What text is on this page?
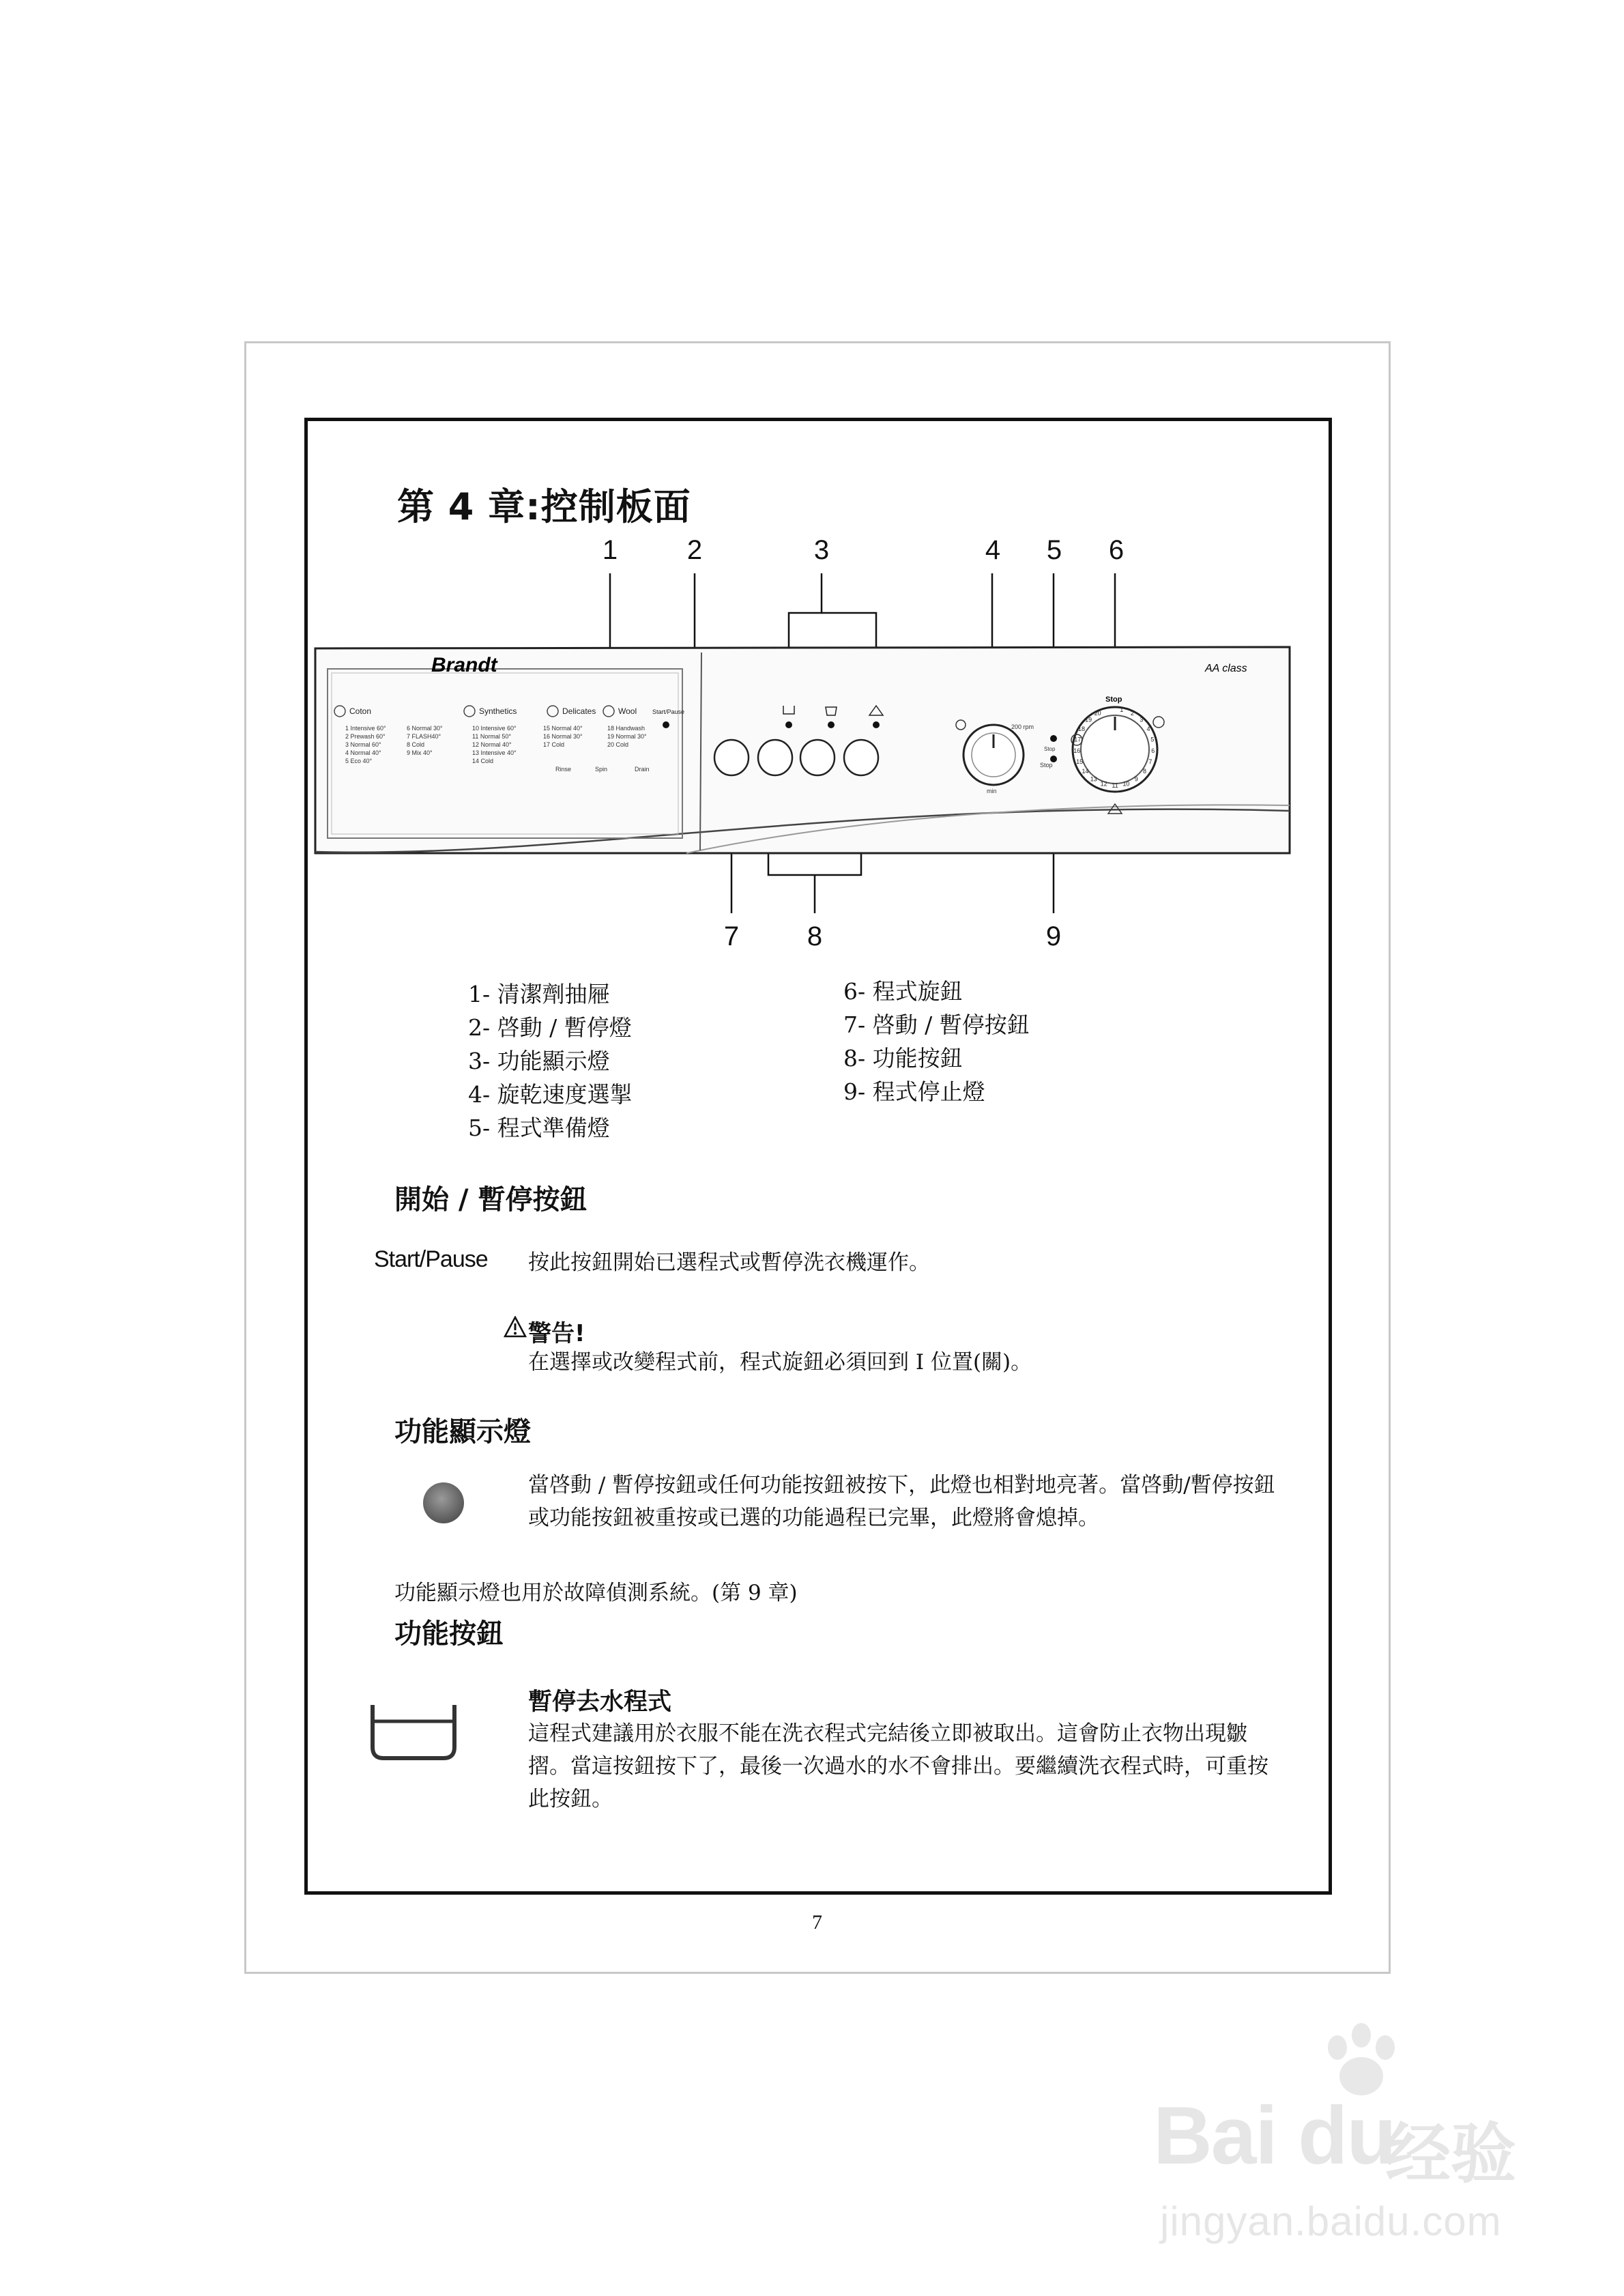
第 4 章:控制板面
1	2	3	4 5 6
Brandt	AA class
Coton	Synthetics	Delicates	Wool
1 Intensive 60°
2 Prewash 60°
3 Normal 60°
4 Normal 40°
5 Eco 40°
6 Normal 30°
7 FLASH40°
8 Cold
9 Mix 40°
10 Intensive 60°
11 Normal 50°
12 Normal 40°
13 Intensive 40°
14 Cold
15 Normal 40°
16 Normal 30°
17 Cold
18 Handwash
19 Normal 30°
20 Cold
Rinse	Spin	Drain
Start/Pause
200 rpm
Stop
min
Stop
Stop
1
2
3
4
5
6
7
8
9
10
11
12
13
14
15
16
17
18
19
20
7 8	9
1- 清潔劑抽屜
2- 啓動 / 暫停燈
3- 功能顯示燈
4- 旋乾速度選掣
5- 程式準備燈
6- 程式旋鈕
7- 啓動 / 暫停按鈕
8- 功能按鈕
9- 程式停止燈
開始 / 暫停按鈕
Start/Pause 按此按鈕開始已選程式或暫停洗衣機運作。
警告!
在選擇或改變程式前，程式旋鈕必須回到 I 位置(關)。
功能顯示燈
當啓動 / 暫停按鈕或任何功能按鈕被按下，此燈也相對地亮著。當啓動/暫停按鈕或功能按鈕被重按或已選的功能過程已完畢，此燈將會熄掉。
功能顯示燈也用於故障偵測系統。(第 9 章)
功能按鈕
暫停去水程式
這程式建議用於衣服不能在洗衣程式完結後立即被取出。這會防止衣物出現皺摺。當這按鈕按下了，最後一次過水的水不會排出。要繼續洗衣程式時，可重按此按鈕。
7
Bai du
经验
jingyan.baidu.com
